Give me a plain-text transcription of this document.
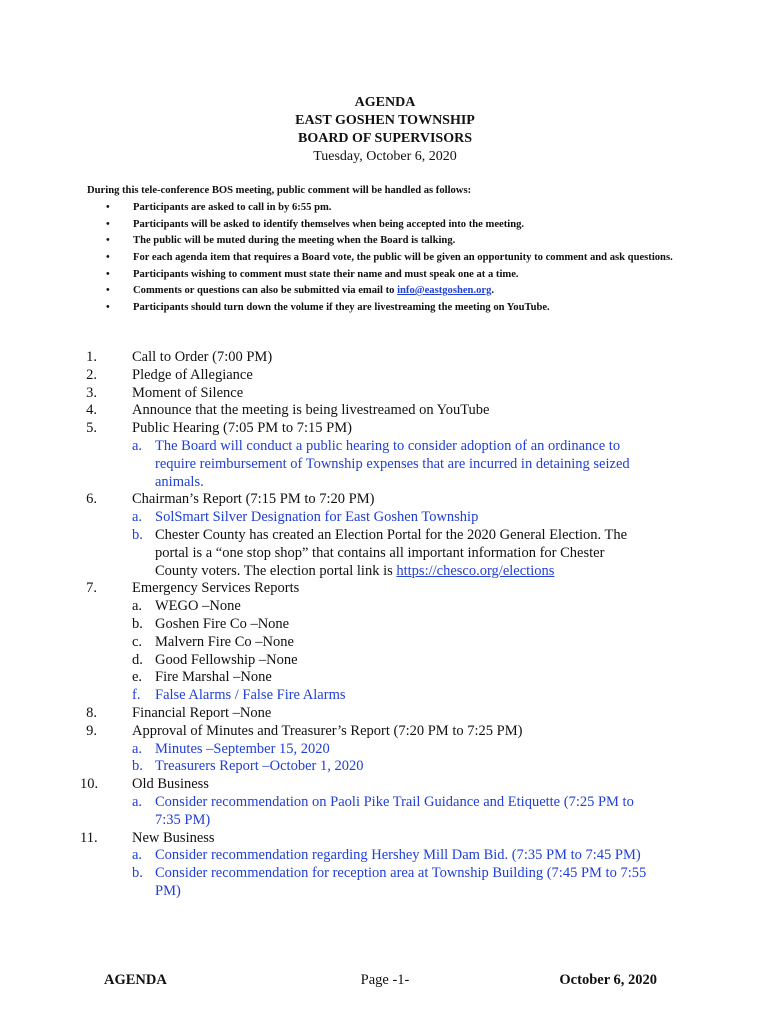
AGENDA
EAST GOSHEN TOWNSHIP
BOARD OF SUPERVISORS
Tuesday, October 6, 2020
During this tele-conference BOS meeting, public comment will be handled as follows:
• Participants are asked to call in by 6:55 pm.
• Participants will be asked to identify themselves when being accepted into the meeting.
• The public will be muted during the meeting when the Board is talking.
• For each agenda item that requires a Board vote, the public will be given an opportunity to comment and ask questions.
• Participants wishing to comment must state their name and must speak one at a time.
• Comments or questions can also be submitted via email to info@eastgoshen.org.
• Participants should turn down the volume if they are livestreaming the meeting on YouTube.
1. Call to Order (7:00 PM)
2. Pledge of Allegiance
3. Moment of Silence
4. Announce that the meeting is being livestreamed on YouTube
5. Public Hearing (7:05 PM to 7:15 PM)
a. The Board will conduct a public hearing to consider adoption of an ordinance to
require reimbursement of Township expenses that are incurred in detaining seized
animals.
6. Chairman’s Report (7:15 PM to 7:20 PM)
a. SolSmart Silver Designation for East Goshen Township
b. Chester County has created an Election Portal for the 2020 General Election. The
portal is a “one stop shop” that contains all important information for Chester
County voters. The election portal link is https://chesco.org/elections
7. Emergency Services Reports
a. WEGO –None
b. Goshen Fire Co –None
c. Malvern Fire Co –None
d. Good Fellowship –None
e. Fire Marshal –None
f. False Alarms / False Fire Alarms
8. Financial Report –None
9. Approval of Minutes and Treasurer’s Report (7:20 PM to 7:25 PM)
a. Minutes –September 15, 2020
b. Treasurers Report –October 1, 2020
10. Old Business
a. Consider recommendation on Paoli Pike Trail Guidance and Etiquette (7:25 PM to
7:35 PM)
11. New Business
a. Consider recommendation regarding Hershey Mill Dam Bid. (7:35 PM to 7:45 PM)
b. Consider recommendation for reception area at Township Building (7:45 PM to 7:55
PM)
AGENDA	Page -1-	October 6, 2020
